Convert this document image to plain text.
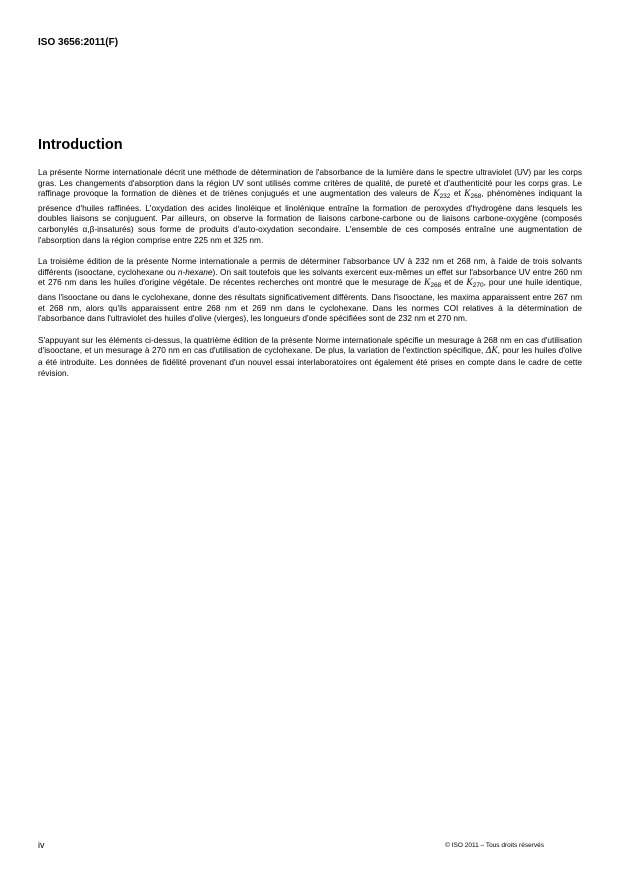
ISO 3656:2011(F)
Introduction

La présente Norme internationale décrit une méthode de détermination de l'absorbance de la lumière dans le spectre ultraviolet (UV) par les corps gras. Les changements d'absorption dans la région UV sont utilisés comme critères de qualité, de pureté et d'authenticité pour les corps gras. Le raffinage provoque la formation de diènes et de triènes conjugués et une augmentation des valeurs de $K_{232}$ et $K_{268}$, phénomènes indiquant la présence d'huiles raffinées. L'oxydation des acides linoléique et linolénique entraîne la formation de peroxydes d'hydrogène dans lesquels les doubles liaisons se conjuguent. Par ailleurs, on observe la formation de liaisons carbone-carbone ou de liaisons carbone-oxygène (composés carbonylés α,β-insaturés) sous forme de produits d'auto-oxydation secondaire. L'ensemble de ces composés entraîne une augmentation de l'absorption dans la région comprise entre 225 nm et 325 nm.

La troisième édition de la présente Norme internationale a permis de déterminer l'absorbance UV à 232 nm et 268 nm, à l'aide de trois solvants différents (isooctane, cyclohexane ou n-hexane). On sait toutefois que les solvants exercent eux-mêmes un effet sur l'absorbance UV entre 260 nm et 276 nm dans les huiles d'origine végétale. De récentes recherches ont montré que le mesurage de $K_{268}$ et de $K_{270}$, pour une huile identique, dans l'isooctane ou dans le cyclohexane, donne des résultats significativement différents. Dans l'isooctane, les maxima apparaissent entre 267 nm et 268 nm, alors qu'ils apparaissent entre 268 nm et 269 nm dans le cyclohexane. Dans les normes COI relatives à la détermination de l'absorbance dans l'ultraviolet des huiles d'olive (vierges), les longueurs d'onde spécifiées sont de 232 nm et 270 nm.

S'appuyant sur les éléments ci-dessus, la quatrième édition de la présente Norme internationale spécifie un mesurage à 268 nm en cas d'utilisation d'isooctane, et un mesurage à 270 nm en cas d'utilisation de cyclohexane. De plus, la variation de l'extinction spécifique, ΔK, pour les huiles d'olive a été introduite. Les données de fidélité provenant d'un nouvel essai interlaboratoires ont également été prises en compte dans le cadre de cette révision.

iv	© ISO 2011 – Tous droits réservés
